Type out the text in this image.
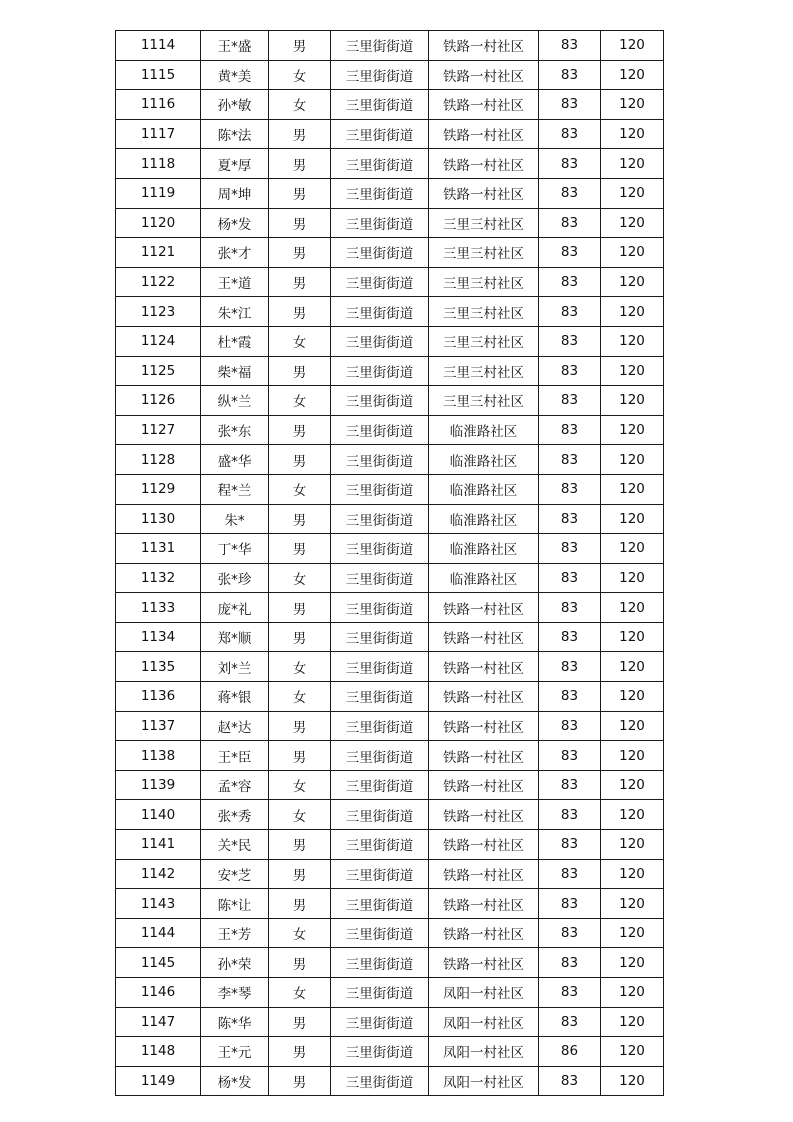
1114	王*盛	男	三里街街道	铁路一村社区	83	120
1115	黄*美	女	三里街街道	铁路一村社区	83	120
1116	孙*敏	女	三里街街道	铁路一村社区	83	120
1117	陈*法	男	三里街街道	铁路一村社区	83	120
1118	夏*厚	男	三里街街道	铁路一村社区	83	120
1119	周*坤	男	三里街街道	铁路一村社区	83	120
1120	杨*发	男	三里街街道	三里三村社区	83	120
1121	张*才	男	三里街街道	三里三村社区	83	120
1122	王*道	男	三里街街道	三里三村社区	83	120
1123	朱*江	男	三里街街道	三里三村社区	83	120
1124	杜*霞	女	三里街街道	三里三村社区	83	120
1125	柴*福	男	三里街街道	三里三村社区	83	120
1126	纵*兰	女	三里街街道	三里三村社区	83	120
1127	张*东	男	三里街街道	临淮路社区	83	120
1128	盛*华	男	三里街街道	临淮路社区	83	120
1129	程*兰	女	三里街街道	临淮路社区	83	120
1130	朱*	男	三里街街道	临淮路社区	83	120
1131	丁*华	男	三里街街道	临淮路社区	83	120
1132	张*珍	女	三里街街道	临淮路社区	83	120
1133	庞*礼	男	三里街街道	铁路一村社区	83	120
1134	郑*顺	男	三里街街道	铁路一村社区	83	120
1135	刘*兰	女	三里街街道	铁路一村社区	83	120
1136	蒋*银	女	三里街街道	铁路一村社区	83	120
1137	赵*达	男	三里街街道	铁路一村社区	83	120
1138	王*臣	男	三里街街道	铁路一村社区	83	120
1139	孟*容	女	三里街街道	铁路一村社区	83	120
1140	张*秀	女	三里街街道	铁路一村社区	83	120
1141	关*民	男	三里街街道	铁路一村社区	83	120
1142	安*芝	男	三里街街道	铁路一村社区	83	120
1143	陈*让	男	三里街街道	铁路一村社区	83	120
1144	王*芳	女	三里街街道	铁路一村社区	83	120
1145	孙*荣	男	三里街街道	铁路一村社区	83	120
1146	李*琴	女	三里街街道	凤阳一村社区	83	120
1147	陈*华	男	三里街街道	凤阳一村社区	83	120
1148	王*元	男	三里街街道	凤阳一村社区	86	120
1149	杨*发	男	三里街街道	凤阳一村社区	83	120
